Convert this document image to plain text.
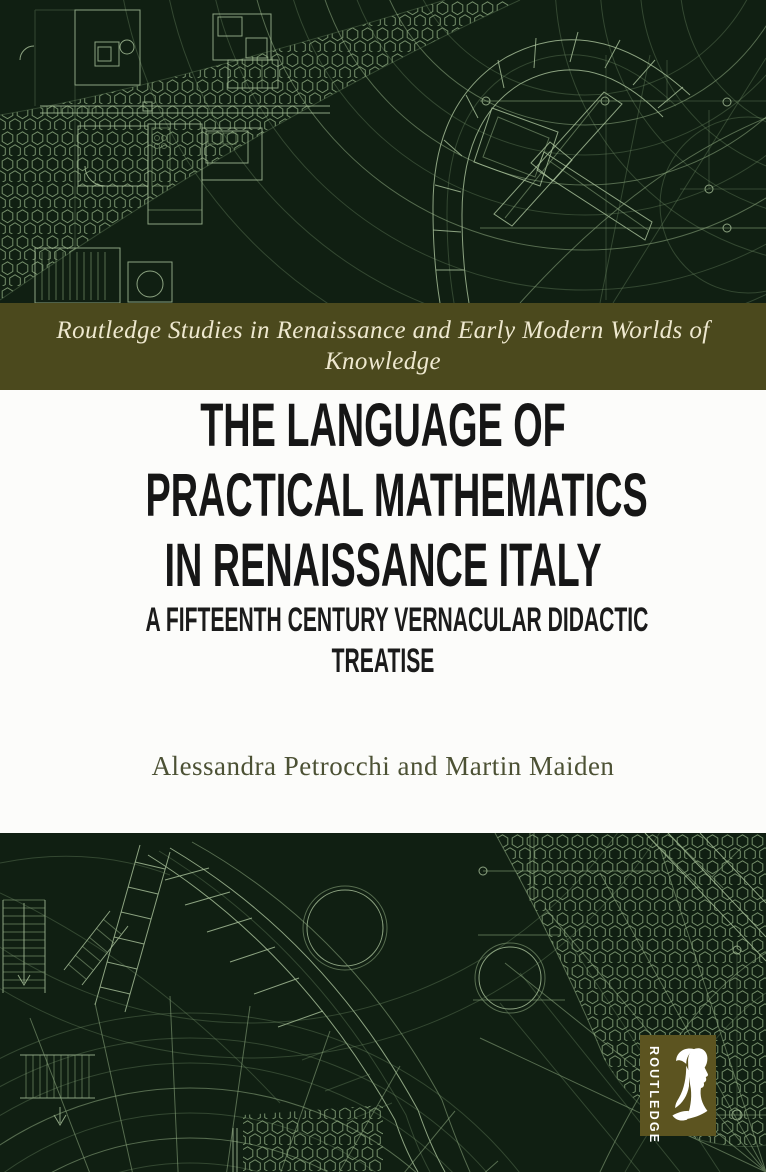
Routledge Studies in Renaissance and Early Modern Worlds of
Knowledge
THE LANGUAGE OF
PRACTICAL MATHEMATICS
IN RENAISSANCE ITALY
A FIFTEENTH CENTURY VERNACULAR DIDACTIC
TREATISE
Alessandra Petrocchi and Martin Maiden
ROUTLEDGE
